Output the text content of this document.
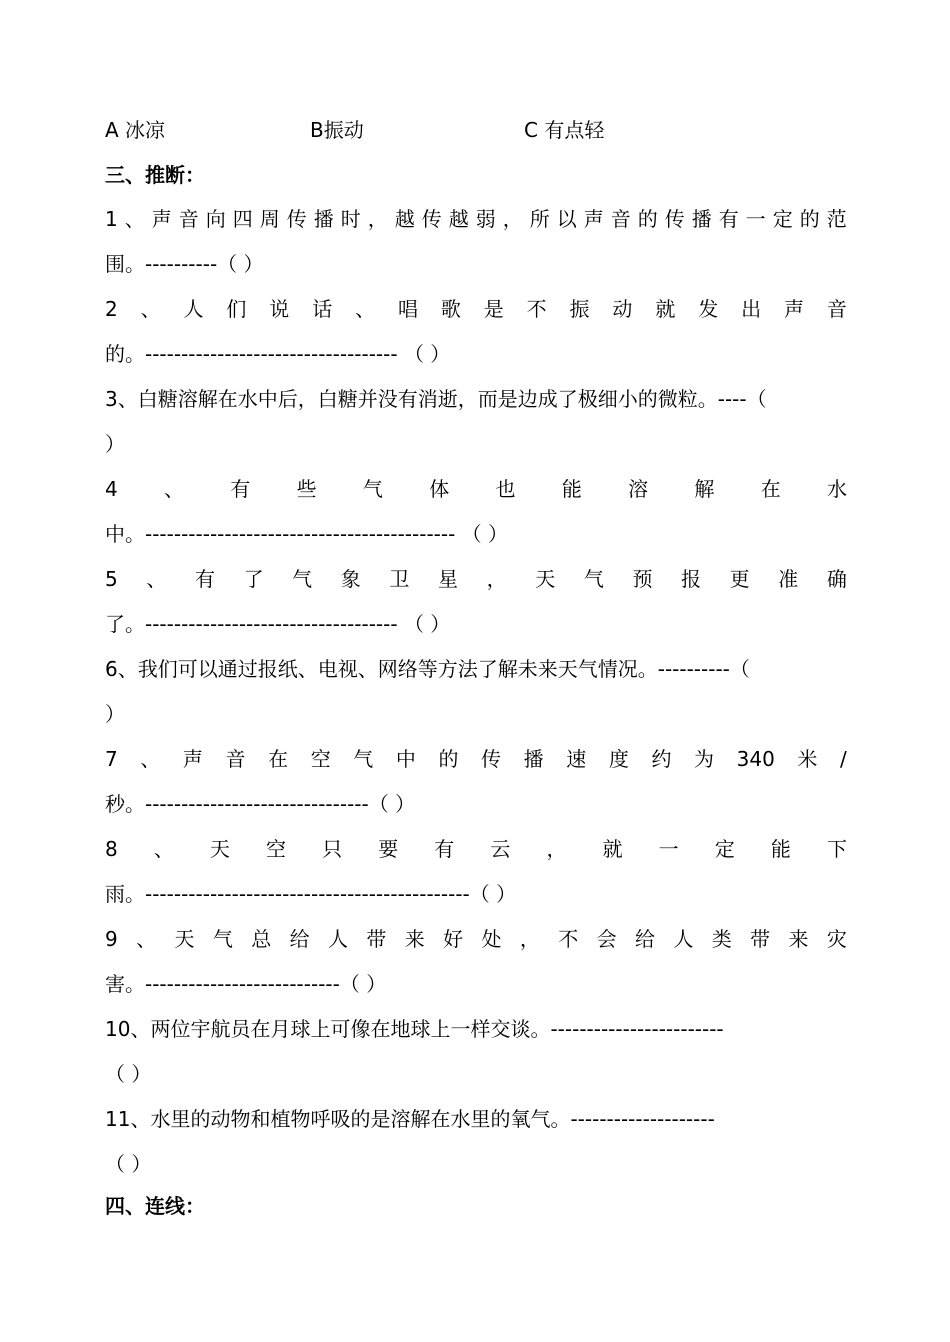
A 冰凉	B振动	C 有点轻
三、推断：
1 、 声 音 向 四 周 传 播 时 ， 越 传 越 弱 ， 所 以 声 音 的 传 播 有 一 定 的 范
围。----------（ ）
2 、 人 们 说 话 、 唱 歌 是 不 振 动 就 发 出 声 音
的。----------------------------------- （ ）
3、白糖溶解在水中后，白糖并没有消逝，而是边成了极细小的微粒。----（
）
4 、 有 些 气 体 也 能 溶 解 在 水
中。------------------------------------------- （ ）
5 、 有 了 气 象 卫 星 ， 天 气 预 报 更 准 确
了。----------------------------------- （ ）
6、我们可以通过报纸、电视、网络等方法了解未来天气情况。----------（
）
7 、 声 音 在 空 气 中 的 传 播 速 度 约 为 340 米 /
秒。-------------------------------（ ）
8 、 天 空 只 要 有 云 ， 就 一 定 能 下
雨。---------------------------------------------（ ）
9 、 天 气 总 给 人 带 来 好 处 ， 不 会 给 人 类 带 来 灾
害。---------------------------（ ）
10、两位宇航员在月球上可像在地球上一样交谈。------------------------
（ ）
11、水里的动物和植物呼吸的是溶解在水里的氧气。--------------------
（ ）
四、连线：
